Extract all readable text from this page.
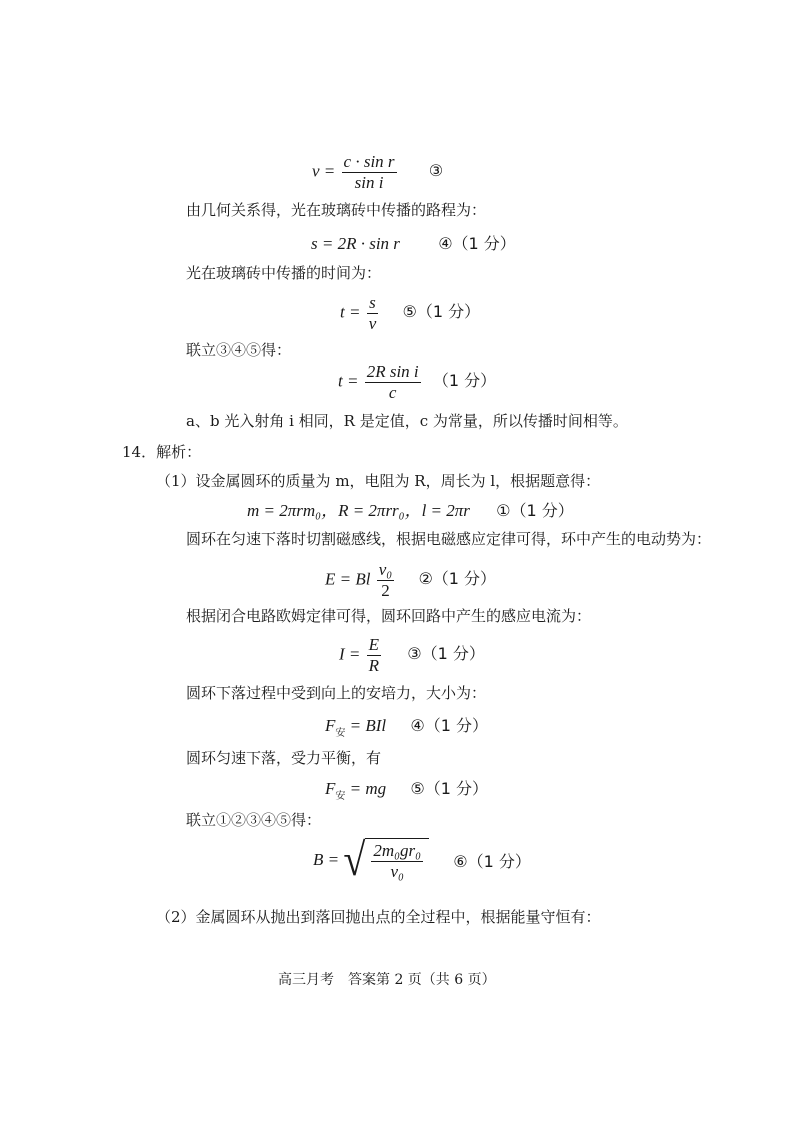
$v = \frac{\text{c · sin r}}{\text{sin i}}$ ③
由几何关系得，光在玻璃砖中传播的路程为：
s = 2R · sin r ④（1 分）
光在玻璃砖中传播的时间为：
$t = \frac{s}{v}$ ⑤（1 分）
联立③④⑤得：
$t = \frac{\text{2R sin i}}{c} (1$ 分）
a、b 光入射角 i 相同，R 是定值，c 为常量，所以传播时间相等。
14．解析：
（1）设金属圆环的质量为 m，电阻为 R，周长为 l，根据题意得：
m = 2πrm₀，R = 2πrr₀，l = 2πr ①（1 分）
圆环在匀速下落时切割磁感线，根据电磁感应定律可得，环中产生的电动势为：
E = Bl $\frac{\text{v₀}}{2}$ ②（1 分）
根据闭合电路欧姆定律可得，圆环回路中产生的感应电流为：
$I = \frac{E}{R}$ ③（1 分）
圆环下落过程中受到向上的安培力，大小为：
$F_安$ = BIl ④（1 分）
圆环匀速下落，受力平衡，有
$F_安$ = mg ⑤（1 分）
联立①②③④⑤得：
B = √ $\frac{\text{2m₀gr₀}}{\text{v₀}}$ ⑥（1 分）
（2）金属圆环从抛出到落回抛出点的全过程中，根据能量守恒有：
高三月考　答案第 2 页（共 6 页）
